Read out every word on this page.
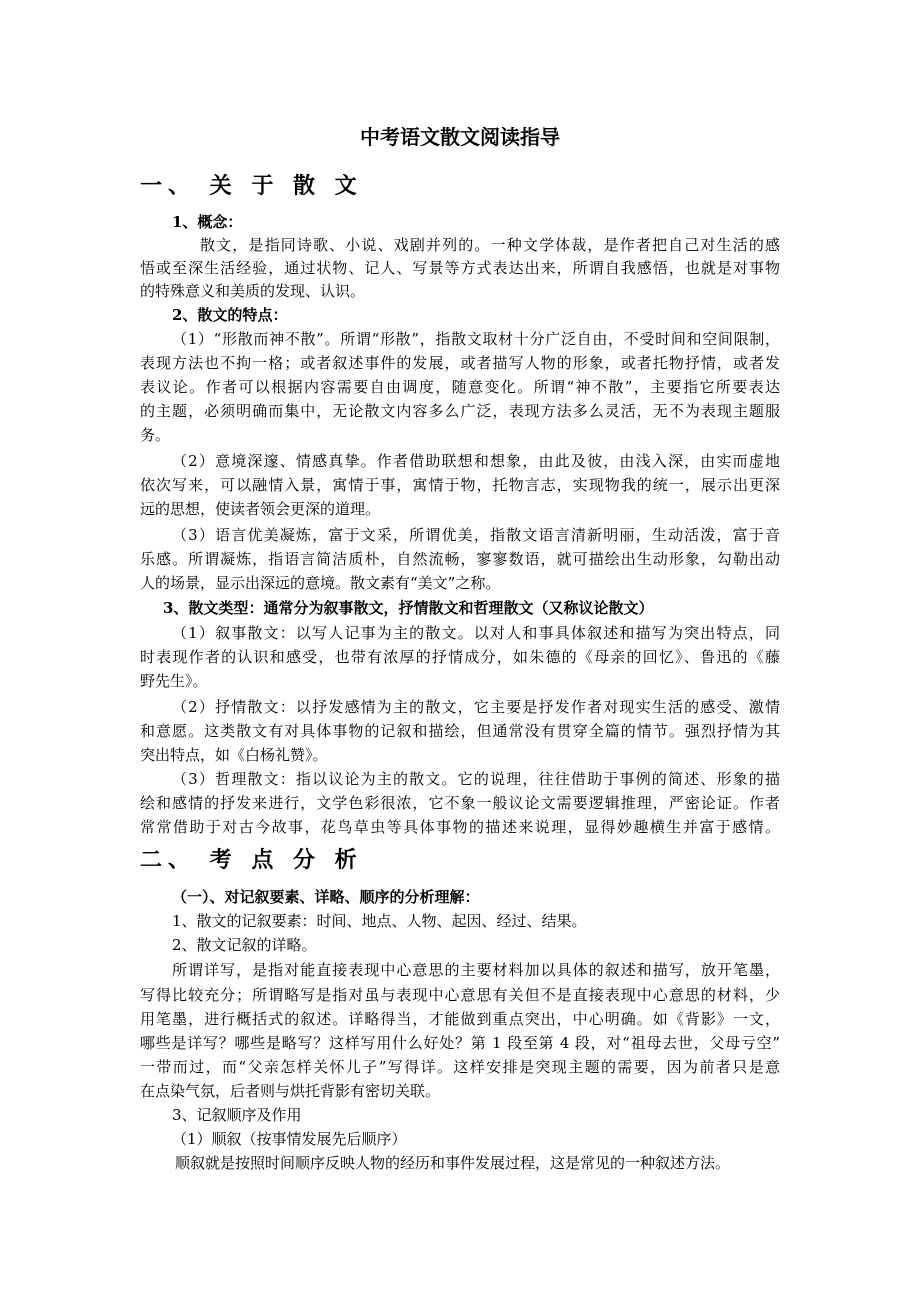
中考语文散文阅读指导
一、 关 于 散 文
1、概念：
散文，是指同诗歌、小说、戏剧并列的。一种文学体裁，是作者把自己对生活的感
悟或至深生活经验，通过状物、记人、写景等方式表达出来，所谓自我感悟，也就是对事物
的特殊意义和美质的发现、认识。
2、散文的特点：
（1）“形散而神不散”。所谓“形散”，指散文取材十分广泛自由，不受时间和空间限制，
表现方法也不拘一格；或者叙述事件的发展，或者描写人物的形象，或者托物抒情，或者发
表议论。作者可以根据内容需要自由调度，随意变化。所谓“神不散”，主要指它所要表达
的主题，必须明确而集中，无论散文内容多么广泛，表现方法多么灵活，无不为表现主题服
务。
（2）意境深邃、情感真挚。作者借助联想和想象，由此及彼，由浅入深，由实而虚地
依次写来，可以融情入景，寓情于事，寓情于物，托物言志，实现物我的统一，展示出更深
远的思想，使读者领会更深的道理。
（3）语言优美凝炼，富于文采，所谓优美，指散文语言清新明丽，生动活泼，富于音
乐感。所谓凝炼，指语言简洁质朴，自然流畅，寥寥数语，就可描绘出生动形象，勾勒出动
人的场景，显示出深远的意境。散文素有“美文”之称。
3、散文类型：通常分为叙事散文，抒情散文和哲理散文（又称议论散文）
（1）叙事散文：以写人记事为主的散文。以对人和事具体叙述和描写为突出特点，同
时表现作者的认识和感受，也带有浓厚的抒情成分，如朱德的《母亲的回忆》、鲁迅的《藤
野先生》。
（2）抒情散文：以抒发感情为主的散文，它主要是抒发作者对现实生活的感受、激情
和意愿。这类散文有对具体事物的记叙和描绘，但通常没有贯穿全篇的情节。强烈抒情为其
突出特点，如《白杨礼赞》。
（3）哲理散文：指以议论为主的散文。它的说理，往往借助于事例的简述、形象的描
绘和感情的抒发来进行，文学色彩很浓，它不象一般议论文需要逻辑推理，严密论证。作者
常常借助于对古今故事，花鸟草虫等具体事物的描述来说理，显得妙趣横生并富于感情。
二、 考 点 分 析
（一）、对记叙要素、详略、顺序的分析理解：
1、散文的记叙要素：时间、地点、人物、起因、经过、结果。
2、散文记叙的详略。
所谓详写，是指对能直接表现中心意思的主要材料加以具体的叙述和描写，放开笔墨，
写得比较充分；所谓略写是指对虽与表现中心意思有关但不是直接表现中心意思的材料，少
用笔墨，进行概括式的叙述。详略得当，才能做到重点突出，中心明确。如《背影》一文，
哪些是详写？哪些是略写？这样写用什么好处？第 1 段至第 4 段，对“祖母去世，父母亏空”
一带而过，而“父亲怎样关怀儿子”写得详。这样安排是突现主题的需要，因为前者只是意
在点染气氛，后者则与烘托背影有密切关联。
3、记叙顺序及作用
（1）顺叙（按事情发展先后顺序）
顺叙就是按照时间顺序反映人物的经历和事件发展过程，这是常见的一种叙述方法。
